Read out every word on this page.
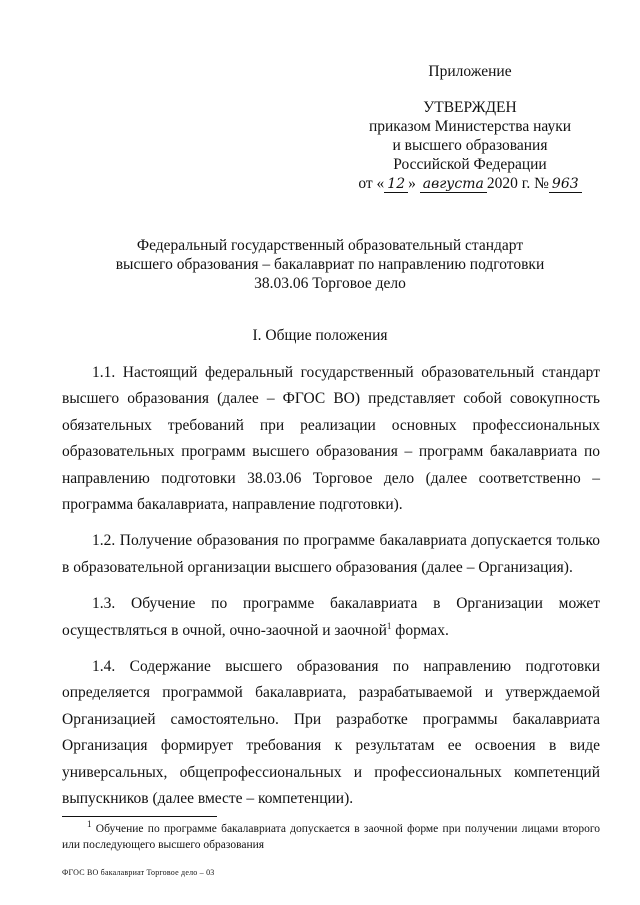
Приложение
УТВЕРЖДЕН
приказом Министерства науки
и высшего образования
Российской Федерации
от « 12 » августа 2020 г. № 963
Федеральный государственный образовательный стандарт
высшего образования – бакалавриат по направлению подготовки
38.03.06 Торговое дело
I. Общие положения

1.1. Настоящий федеральный государственный образовательный стандарт высшего образования (далее – ФГОС ВО) представляет собой совокупность обязательных требований при реализации основных профессиональных образовательных программ высшего образования – программ бакалавриата по направлению подготовки 38.03.06 Торговое дело (далее соответственно – программа бакалавриата, направление подготовки).

1.2. Получение образования по программе бакалавриата допускается только в образовательной организации высшего образования (далее – Организация).

1.3. Обучение по программе бакалавриата в Организации может осуществляться в очной, очно-заочной и заочной$^1$ формах.

1.4. Содержание высшего образования по направлению подготовки определяется программой бакалавриата, разрабатываемой и утверждаемой Организацией самостоятельно. При разработке программы бакалавриата Организация формирует требования к результатам ее освоения в виде универсальных, общепрофессиональных и профессиональных компетенций выпускников (далее вместе – компетенции).

$^1$ Обучение по программе бакалавриата допускается в заочной форме при получении лицами второго или последующего высшего образования
ФГОС ВО бакалавриат Торговое дело – 03
